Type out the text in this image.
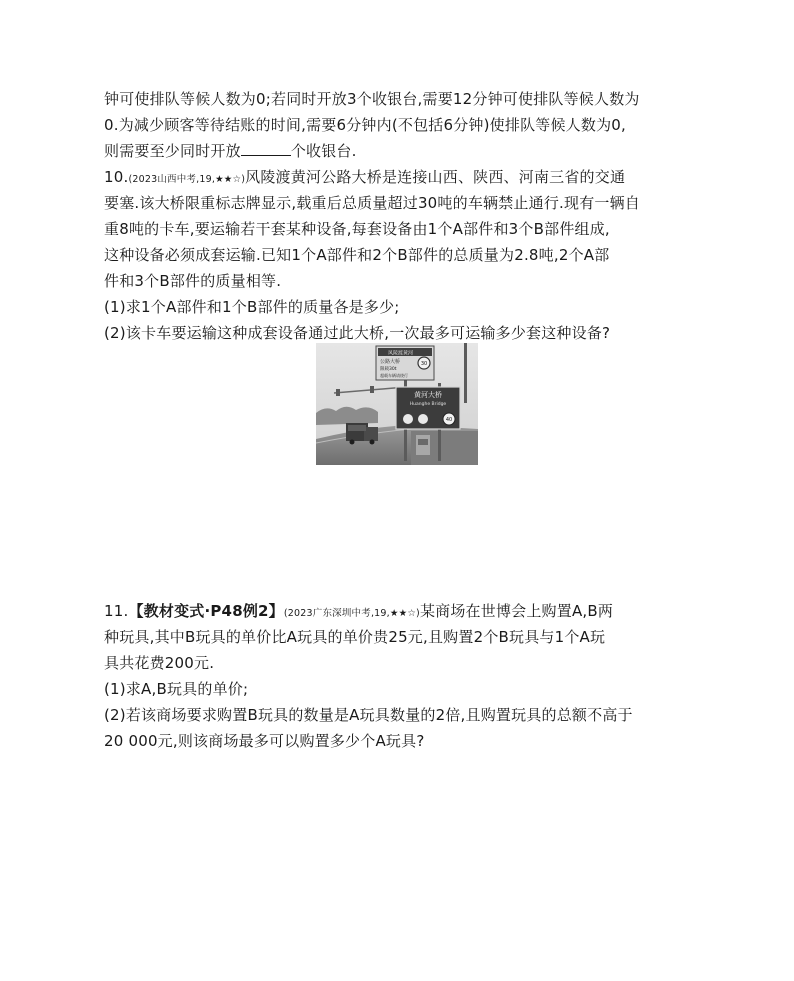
钟可使排队等候人数为0;若同时开放3个收银台,需要12分钟可使排队等候人数为
0.为减少顾客等待结账的时间,需要6分钟内(不包括6分钟)使排队等候人数为0,
则需要至少同时开放	个收银台.
10.(2023山西中考,19,★★☆)风陵渡黄河公路大桥是连接山西、陕西、河南三省的交通
要塞.该大桥限重标志牌显示,载重后总质量超过30吨的车辆禁止通行.现有一辆自
重8吨的卡车,要运输若干套某种设备,每套设备由1个A部件和3个B部件组成,
这种设备必须成套运输.已知1个A部件和2个B部件的总质量为2.8吨,2个A部
件和3个B部件的质量相等.
(1)求1个A部件和1个B部件的质量各是多少;
(2)该卡车要运输这种成套设备通过此大桥,一次最多可运输多少套这种设备?
风陵渡黄河
公路大桥
限载30t
30
超载车辆请绕行
黄河大桥
Huanghe Bridge
40
11.【教材变式·P48例2】(2023广东深圳中考,19,★★☆)某商场在世博会上购置A,B两
种玩具,其中B玩具的单价比A玩具的单价贵25元,且购置2个B玩具与1个A玩
具共花费200元.
(1)求A,B玩具的单价;
(2)若该商场要求购置B玩具的数量是A玩具数量的2倍,且购置玩具的总额不高于
20 000元,则该商场最多可以购置多少个A玩具?
